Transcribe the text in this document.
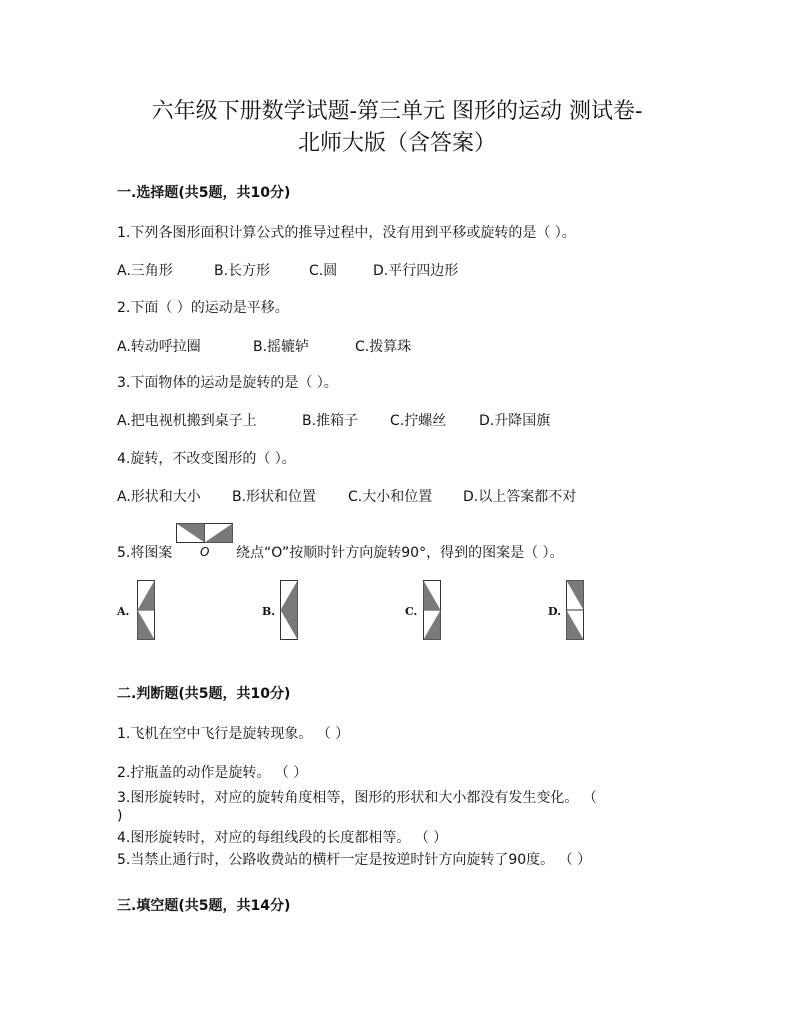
六年级下册数学试题-第三单元 图形的运动 测试卷-
北师大版（含答案）
一.选择题(共5题，共10分)
1.下列各图形面积计算公式的推导过程中，没有用到平移或旋转的是（ ）。
A.三角形	B.长方形	C.圆	D.平行四边形
2.下面（ ）的运动是平移。
A.转动呼拉圈	B.摇辘轳	C.拨算珠
3.下面物体的运动是旋转的是（ ）。
A.把电视机搬到桌子上	B.推箱子 C.拧螺丝 D.升降国旗
4.旋转，不改变图形的（ ）。
A.形状和大小 B.形状和位置 C.大小和位置 D.以上答案都不对
5.将图案 O 绕点“O”按顺时针方向旋转90°，得到的图案是（ ）。
A.	B.	C.	D.
二.判断题(共5题，共10分)
1.飞机在空中飞行是旋转现象。 （ ）
2.拧瓶盖的动作是旋转。 （ ）
3.图形旋转时，对应的旋转角度相等，图形的形状和大小都没有发生变化。 （
)
4.图形旋转时，对应的每组线段的长度都相等。 （ ）
5.当禁止通行时，公路收费站的横杆一定是按逆时针方向旋转了90度。 （ ）
三.填空题(共5题，共14分)
